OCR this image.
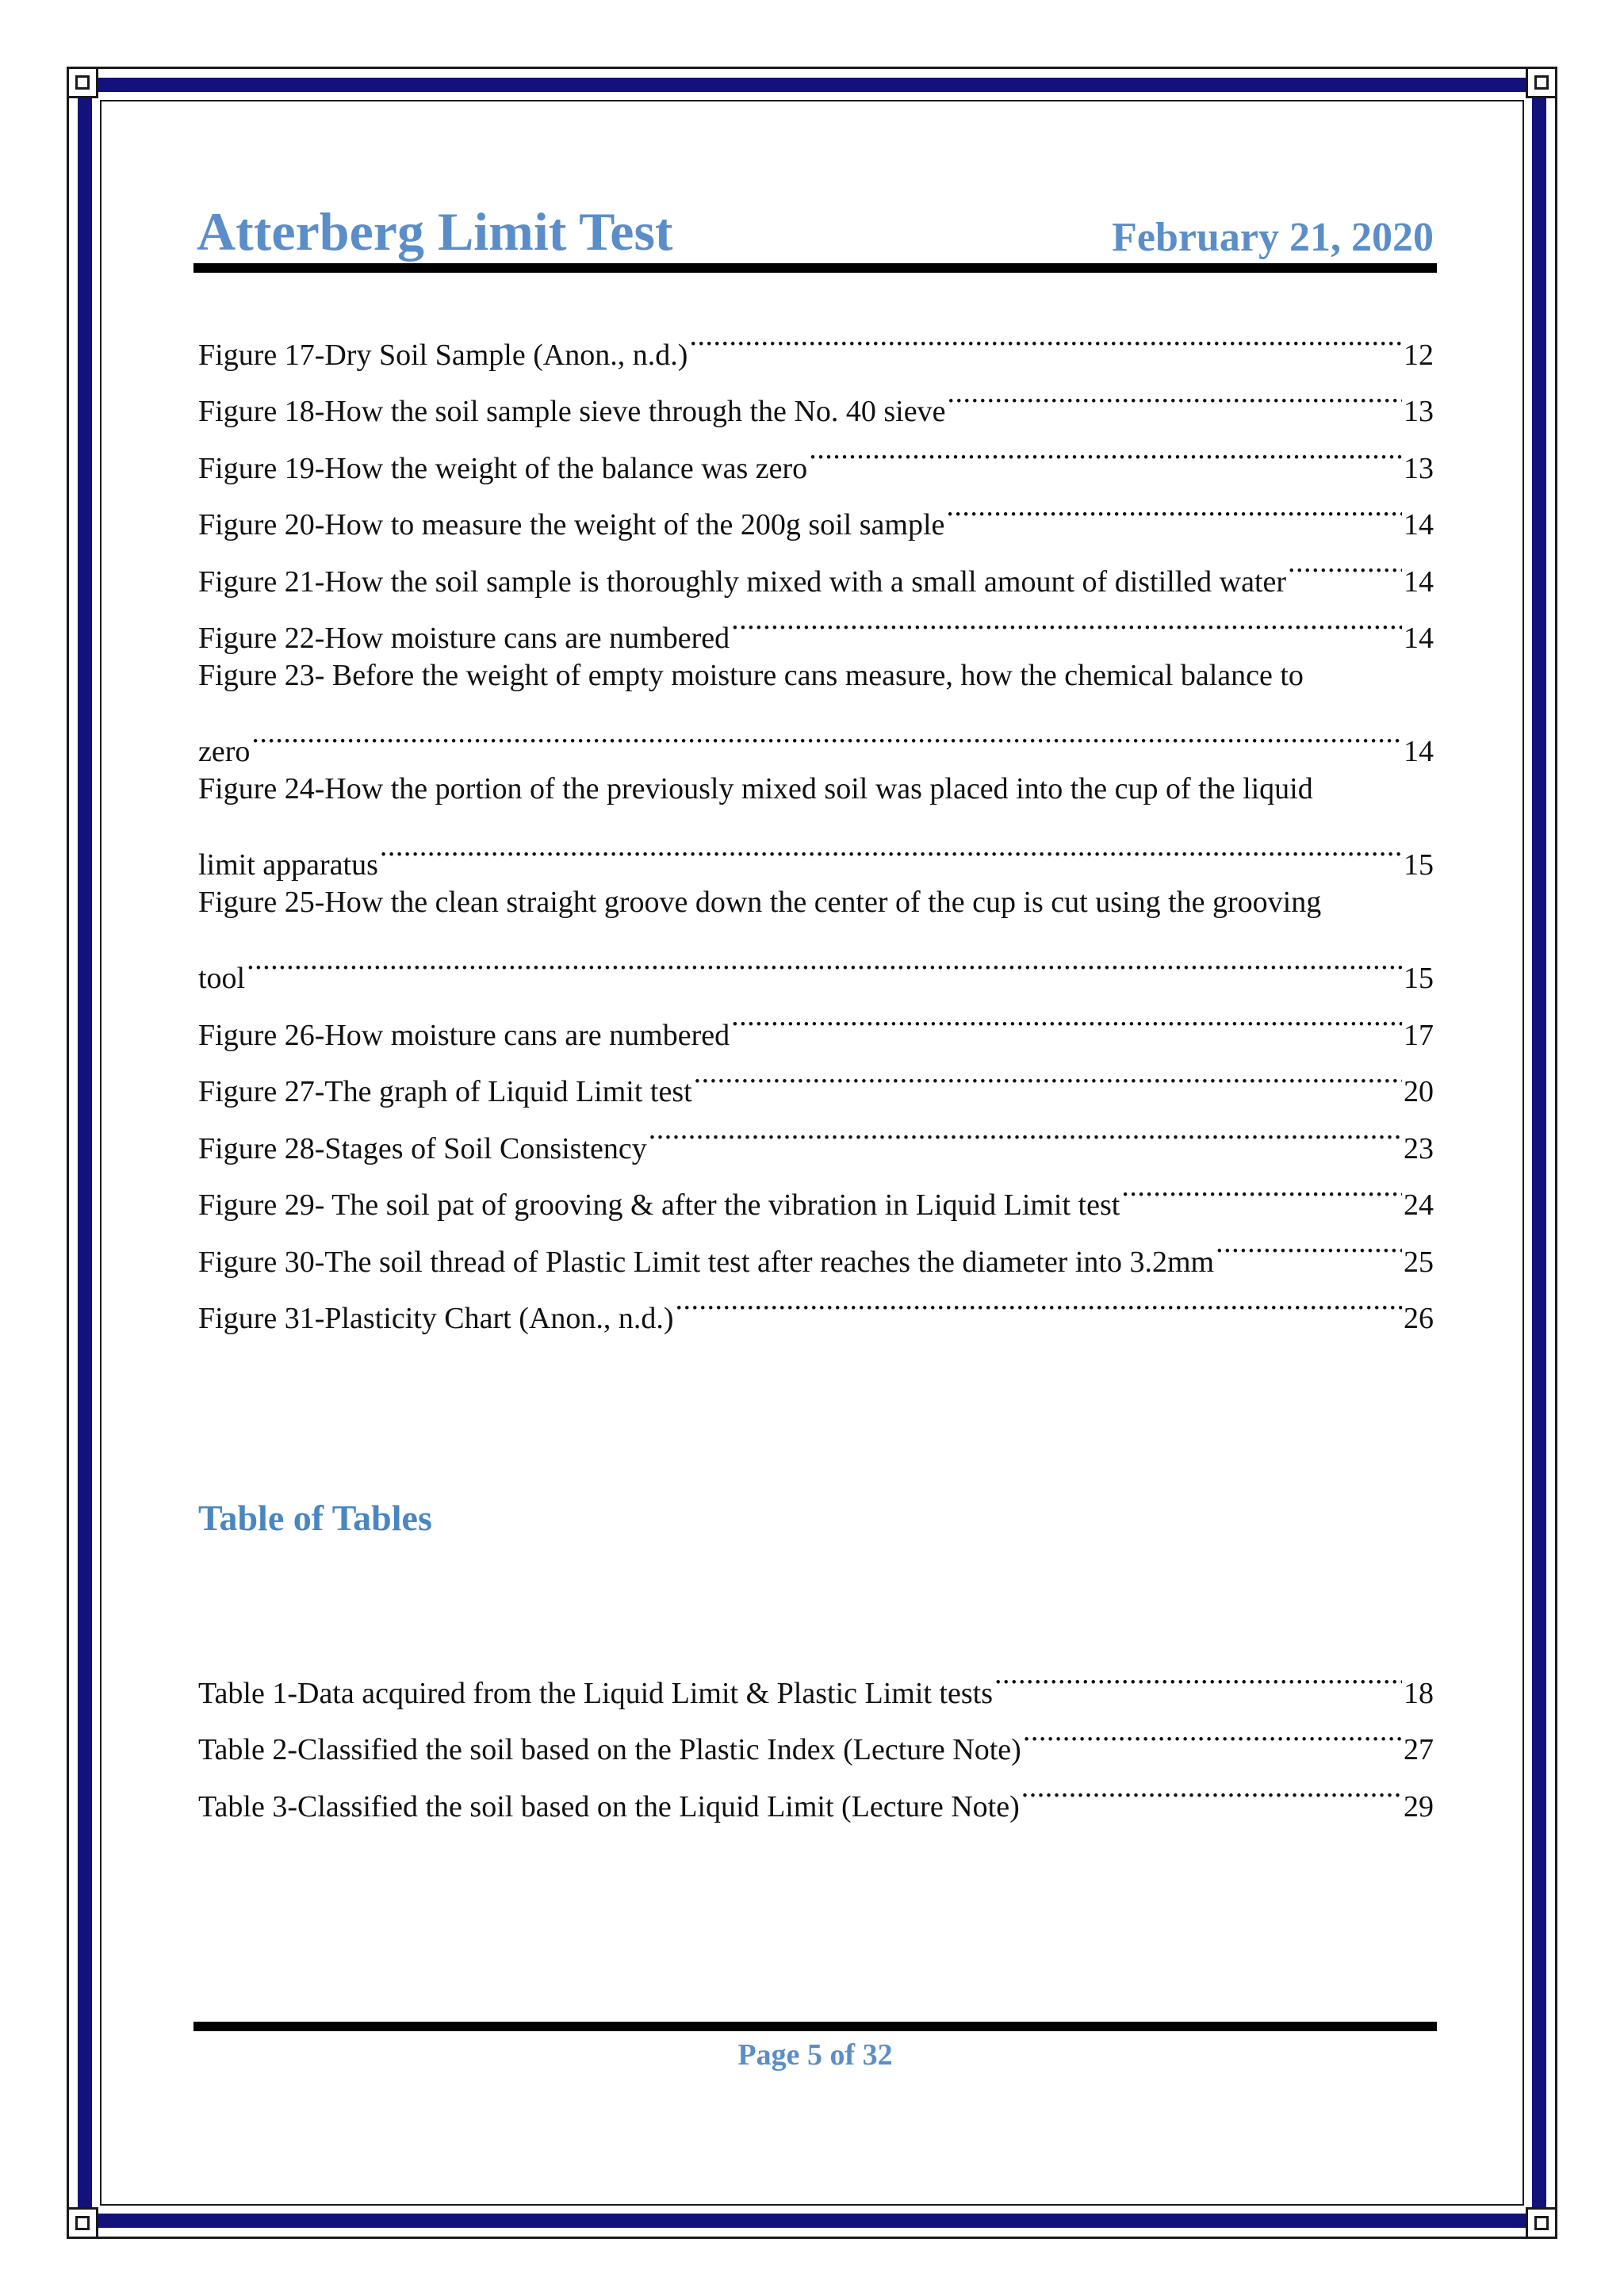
Atterberg Limit Test	February 21, 2020
Figure 17-Dry Soil Sample (Anon., n.d.) .....	12
Figure 18-How the soil sample sieve through the No. 40 sieve .....	13
Figure 19-How the weight of the balance was zero .....	13
Figure 20-How to measure the weight of the 200g soil sample .....	14
Figure 21-How the soil sample is thoroughly mixed with a small amount of distilled water .....	14
Figure 22-How moisture cans are numbered .....	14
Figure 23- Before the weight of empty moisture cans measure, how the chemical balance to
zero .....	14
Figure 24-How the portion of the previously mixed soil was placed into the cup of the liquid
limit apparatus .....	15
Figure 25-How the clean straight groove down the center of the cup is cut using the grooving
tool .....	15
Figure 26-How moisture cans are numbered .....	17
Figure 27-The graph of Liquid Limit test .....	20
Figure 28-Stages of Soil Consistency .....	23
Figure 29- The soil pat of grooving & after the vibration in Liquid Limit test .....	24
Figure 30-The soil thread of Plastic Limit test after reaches the diameter into 3.2mm .....	25
Figure 31-Plasticity Chart (Anon., n.d.) .....	26
Table of Tables
Table 1-Data acquired from the Liquid Limit & Plastic Limit tests .....	18
Table 2-Classified the soil based on the Plastic Index (Lecture Note) .....	27
Table 3-Classified the soil based on the Liquid Limit (Lecture Note) .....	29
Page 5 of 32
